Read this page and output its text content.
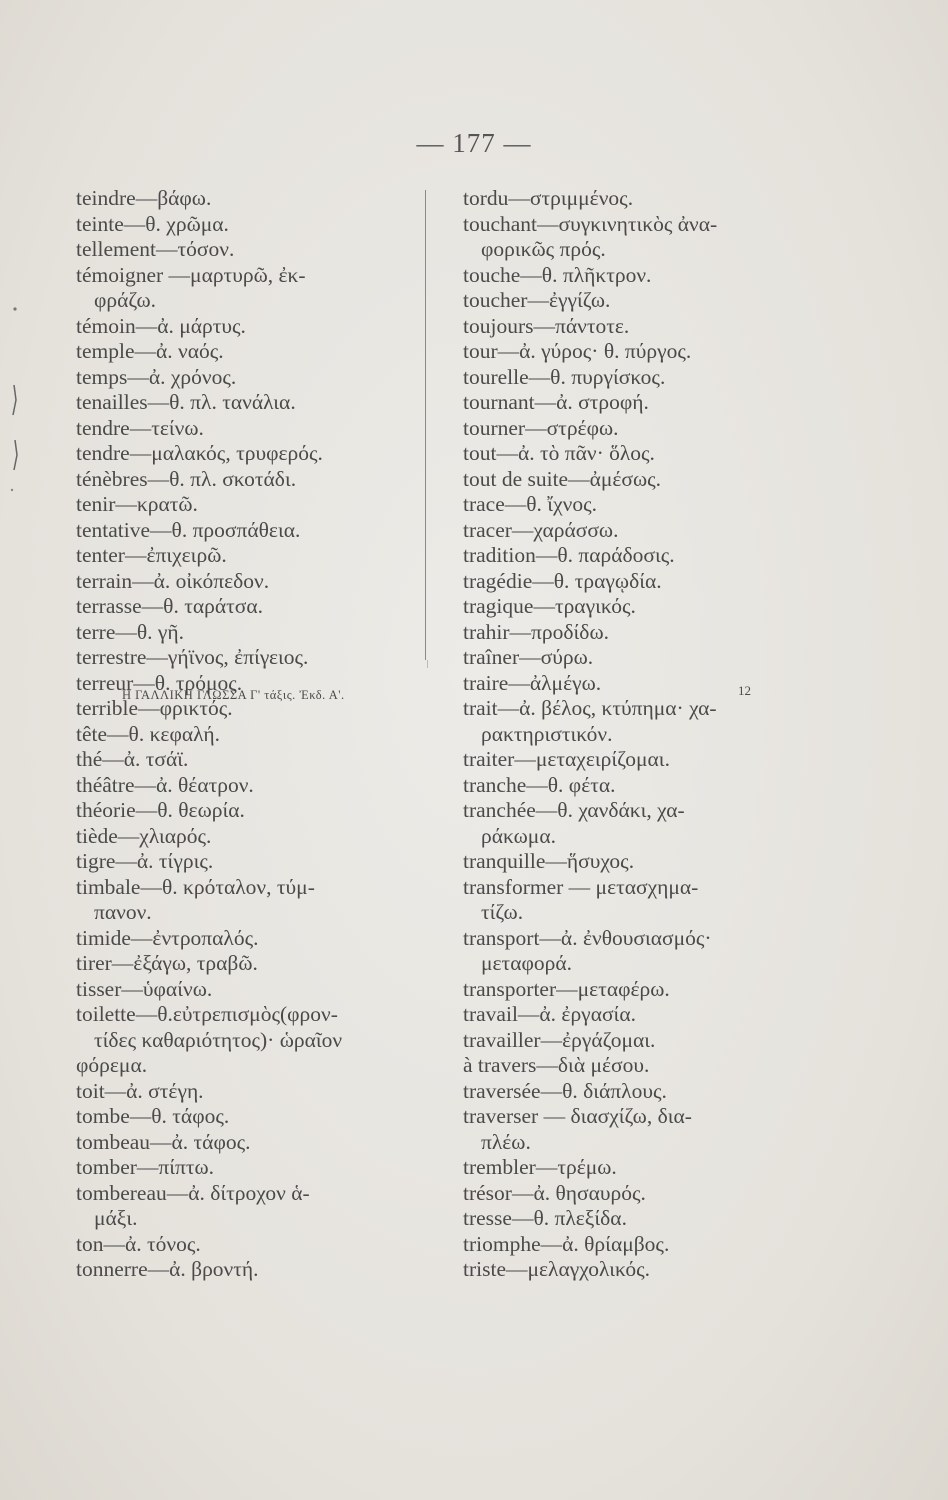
— 177 —
teindre—βάφω.
teinte—θ. χρῶμα.
tellement—τόσον.
témoigner —μαρτυρῶ, ἐκ-
φράζω.
témoin—ἀ. μάρτυς.
temple—ἀ. ναός.
temps—ἀ. χρόνος.
tenailles—θ. πλ. τανάλια.
tendre—τείνω.
tendre—μαλακός, τρυφερός.
ténèbres—θ. πλ. σκοτάδι.
tenir—κρατῶ.
tentative—θ. προσπάθεια.
tenter—ἐπιχειρῶ.
terrain—ἀ. οἰκόπεδον.
terrasse—θ. ταράτσα.
terre—θ. γῆ.
terrestre—γήϊνος, ἐπίγειος.
terreur—θ. τρόμος.
terrible—φρικτός.
tête—θ. κεφαλή.
thé—ἀ. τσάϊ.
théâtre—ἀ. θέατρον.
théorie—θ. θεωρία.
tiède—χλιαρός.
tigre—ἀ. τίγρις.
timbale—θ. κρόταλον, τύμ-
πανον.
timide—ἐντροπαλός.
tirer—ἐξάγω, τραβῶ.
tisser—ὑφαίνω.
toilette—θ.εὐτρεπισμὸς(φρον-
τίδες καθαριότητος)· ὡραῖον
φόρεμα.
toit—ἀ. στέγη.
tombe—θ. τάφος.
tombeau—ἀ. τάφος.
tomber—πίπτω.
tombereau—ἀ. δίτροχον ἁ-
μάξι.
ton—ἀ. τόνος.
tonnerre—ἀ. βροντή.
tordu—στριμμένος.
touchant—συγκινητικὸς ἀνα-
φορικῶς πρός.
touche—θ. πλῆκτρον.
toucher—ἐγγίζω.
toujours—πάντοτε.
tour—ἀ. γύρος· θ. πύργος.
tourelle—θ. πυργίσκος.
tournant—ἀ. στροφή.
tourner—στρέφω.
tout—ἀ. τὸ πᾶν· ὅλος.
tout de suite—ἀμέσως.
trace—θ. ἴχνος.
tracer—χαράσσω.
tradition—θ. παράδοσις.
tragédie—θ. τραγῳδία.
tragique—τραγικός.
trahir—προδίδω.
traîner—σύρω.
traire—ἀλμέγω.
trait—ἀ. βέλος, κτύπημα· χα-
ρακτηριστικόν.
traiter—μεταχειρίζομαι.
tranche—θ. φέτα.
tranchée—θ. χανδάκι, χα-
ράκωμα.
tranquille—ἥσυχος.
transformer — μετασχημα-
τίζω.
transport—ἀ. ἐνθουσιασμός·
μεταφορά.
transporter—μεταφέρω.
travail—ἀ. ἐργασία.
travailler—ἐργάζομαι.
à travers—διὰ μέσου.
traversée—θ. διάπλους.
traverser — διασχίζω, δια-
πλέω.
trembler—τρέμω.
trésor—ἀ. θησαυρός.
tresse—θ. πλεξίδα.
triomphe—ἀ. θρίαμβος.
triste—μελαγχολικός.
Η ΓΑΛΛΙΚΗ ΓΛΩΣΣΑ Γ' τάξις. Ἐκδ. Α'.	12
